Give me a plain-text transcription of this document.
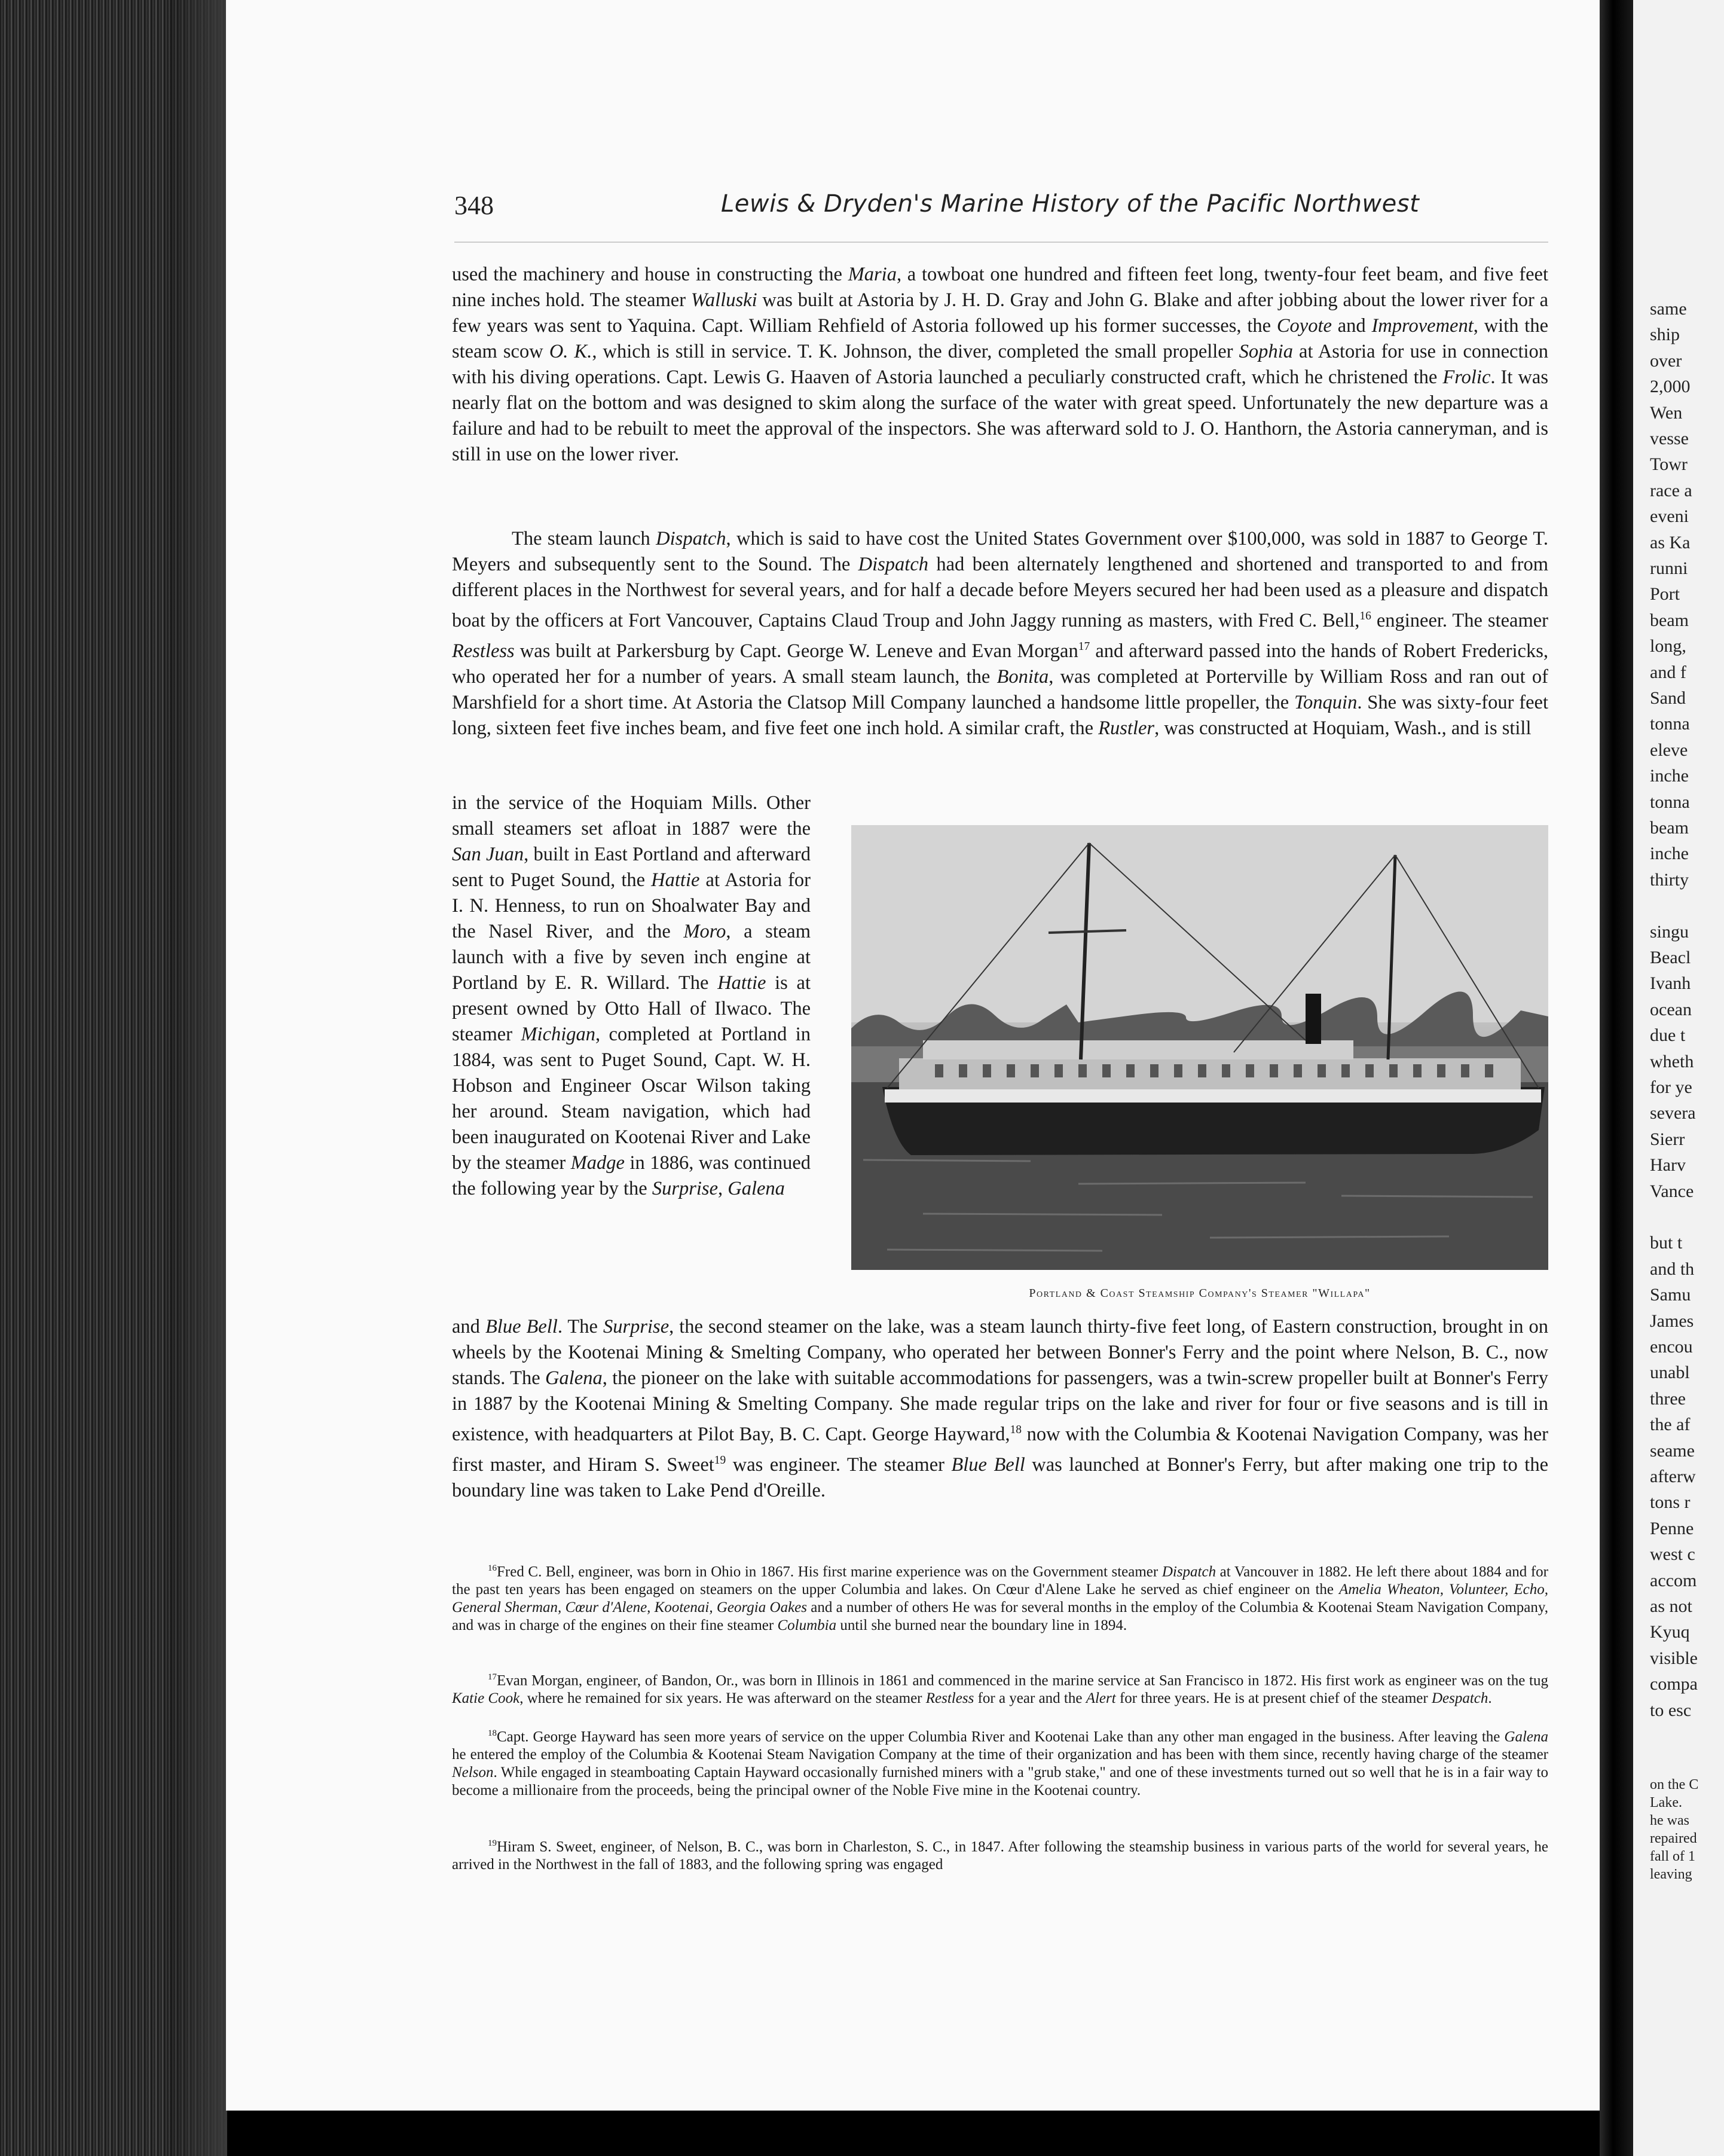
348	Lewis & Dryden's Marine History of the Pacific Northwest

used the machinery and house in constructing the Maria, a towboat one hundred and fifteen feet long, twenty-four feet beam, and five feet nine inches hold. The steamer Walluski was built at Astoria by J. H. D. Gray and John G. Blake and after jobbing about the lower river for a few years was sent to Yaquina. Capt. William Rehfield of Astoria followed up his former successes, the Coyote and Improvement, with the steam scow O. K., which is still in service. T. K. Johnson, the diver, completed the small propeller Sophia at Astoria for use in connection with his diving operations. Capt. Lewis G. Haaven of Astoria launched a peculiarly constructed craft, which he christened the Frolic. It was nearly flat on the bottom and was designed to skim along the surface of the water with great speed. Unfortunately the new departure was a failure and had to be rebuilt to meet the approval of the inspectors. She was afterward sold to J. O. Hanthorn, the Astoria canneryman, and is still in use on the lower river.

The steam launch Dispatch, which is said to have cost the United States Government over $100,000, was sold in 1887 to George T. Meyers and subsequently sent to the Sound. The Dispatch had been alternately lengthened and shortened and transported to and from different places in the Northwest for several years, and for half a decade before Meyers secured her had been used as a pleasure and dispatch boat by the officers at Fort Vancouver, Captains Claud Troup and John Jaggy running as masters, with Fred C. Bell,$^{16}$ engineer. The steamer Restless was built at Parkersburg by Capt. George W. Leneve and Evan Morgan$^{17}$ and afterward passed into the hands of Robert Fredericks, who operated her for a number of years. A small steam launch, the Bonita, was completed at Porterville by William Ross and ran out of Marshfield for a short time. At Astoria the Clatsop Mill Company launched a handsome little propeller, the Tonquin. She was sixty-four feet long, sixteen feet five inches beam, and five feet one inch hold. A similar craft, the Rustler, was constructed at Hoquiam, Wash., and is still

in the service of the Hoquiam Mills. Other small steamers set afloat in 1887 were the San Juan, built in East Portland and afterward sent to Puget Sound, the Hattie at Astoria for I. N. Henness, to run on Shoalwater Bay and the Nasel River, and the Moro, a steam launch with a five by seven inch engine at Portland by E. R. Willard. The Hattie is at present owned by Otto Hall of Ilwaco. The steamer Michigan, completed at Portland in 1884, was sent to Puget Sound, Capt. W. H. Hobson and Engineer Oscar Wilson taking her around. Steam navigation, which had been inaugurated on Kootenai River and Lake by the steamer Madge in 1886, was continued the following year by the Surprise, Galena

Portland & Coast Steamship Company's Steamer "Willapa"

and Blue Bell. The Surprise, the second steamer on the lake, was a steam launch thirty-five feet long, of Eastern construction, brought in on wheels by the Kootenai Mining & Smelting Company, who operated her between Bonner's Ferry and the point where Nelson, B. C., now stands. The Galena, the pioneer on the lake with suitable accommodations for passengers, was a twin-screw propeller built at Bonner's Ferry in 1887 by the Kootenai Mining & Smelting Company. She made regular trips on the lake and river for four or five seasons and is till in existence, with headquarters at Pilot Bay, B. C. Capt. George Hayward,$^{18}$ now with the Columbia & Kootenai Navigation Company, was her first master, and Hiram S. Sweet$^{19}$ was engineer. The steamer Blue Bell was launched at Bonner's Ferry, but after making one trip to the boundary line was taken to Lake Pend d'Oreille.

$^{16}$Fred C. Bell, engineer, was born in Ohio in 1867. His first marine experience was on the Government steamer Dispatch at Vancouver in 1882. He left there about 1884 and for the past ten years has been engaged on steamers on the upper Columbia and lakes. On Cœur d'Alene Lake he served as chief engineer on the Amelia Wheaton, Volunteer, Echo, General Sherman, Cœur d'Alene, Kootenai, Georgia Oakes and a number of others He was for several months in the employ of the Columbia & Kootenai Steam Navigation Company, and was in charge of the engines on their fine steamer Columbia until she burned near the boundary line in 1894.

$^{17}$Evan Morgan, engineer, of Bandon, Or., was born in Illinois in 1861 and commenced in the marine service at San Francisco in 1872. His first work as engineer was on the tug Katie Cook, where he remained for six years. He was afterward on the steamer Restless for a year and the Alert for three years. He is at present chief of the steamer Despatch.

$^{18}$Capt. George Hayward has seen more years of service on the upper Columbia River and Kootenai Lake than any other man engaged in the business. After leaving the Galena he entered the employ of the Columbia & Kootenai Steam Navigation Company at the time of their organization and has been with them since, recently having charge of the steamer Nelson. While engaged in steamboating Captain Hayward occasionally furnished miners with a "grub stake," and one of these investments turned out so well that he is in a fair way to become a millionaire from the proceeds, being the principal owner of the Noble Five mine in the Kootenai country.

$^{19}$Hiram S. Sweet, engineer, of Nelson, B. C., was born in Charleston, S. C., in 1847. After following the steamship business in various parts of the world for several years, he arrived in the Northwest in the fall of 1883, and the following spring was engaged

same
ship
over
2,000
Wen
vesse
Towr
race a
eveni
as Ka
runni
Port
beam
long,
and f
Sand
tonna
eleve
inche
tonna
beam
inche
thirty
singu
Beacl
Ivanh
ocean
due t
wheth
for ye
severa
Sierr
Harv
Vance
but t
and th
Samu
James
encou
unabl
three
the af
seame
afterw
tons r
Penne
west c
accom
as not
Kyuq
visible
compa
to esc
on the C
Lake.
he was
repaired
fall of 1
leaving
